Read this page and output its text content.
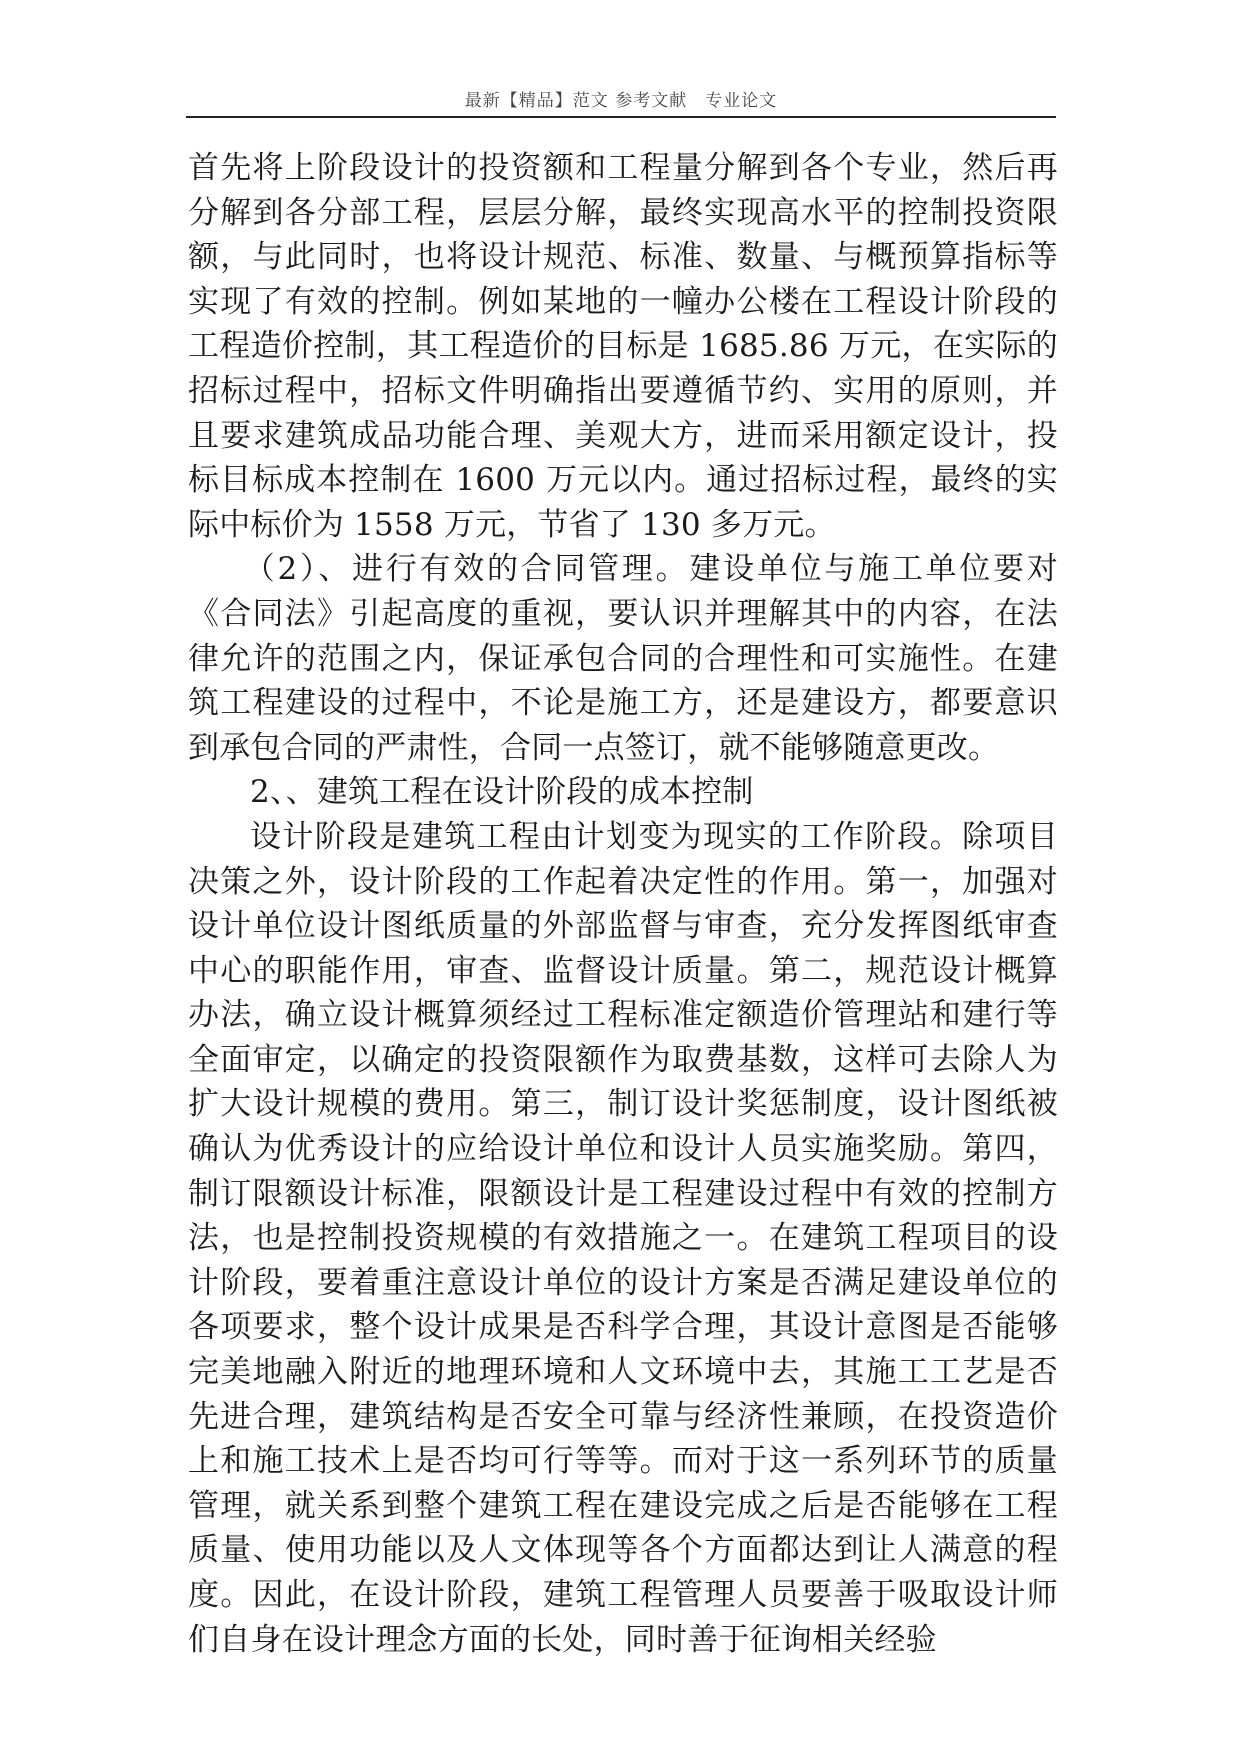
最新【精品】范文 参考文献　专业论文

首先将上阶段设计的投资额和工程量分解到各个专业，然后再分解到各分部工程，层层分解，最终实现高水平的控制投资限额，与此同时，也将设计规范、标准、数量、与概预算指标等实现了有效的控制。例如某地的一幢办公楼在工程设计阶段的工程造价控制，其工程造价的目标是 1685.86 万元，在实际的招标过程中，招标文件明确指出要遵循节约、实用的原则，并且要求建筑成品功能合理、美观大方，进而采用额定设计，投标目标成本控制在 1600 万元以内。通过招标过程，最终的实际中标价为 1558 万元，节省了 130 多万元。

（2）、进行有效的合同管理。建设单位与施工单位要对《合同法》引起高度的重视，要认识并理解其中的内容，在法律允许的范围之内，保证承包合同的合理性和可实施性。在建筑工程建设的过程中，不论是施工方，还是建设方，都要意识到承包合同的严肃性，合同一点签订，就不能够随意更改。

2、、建筑工程在设计阶段的成本控制

设计阶段是建筑工程由计划变为现实的工作阶段。除项目决策之外，设计阶段的工作起着决定性的作用。第一，加强对设计单位设计图纸质量的外部监督与审查，充分发挥图纸审查中心的职能作用，审查、监督设计质量。第二，规范设计概算办法，确立设计概算须经过工程标准定额造价管理站和建行等全面审定，以确定的投资限额作为取费基数，这样可去除人为扩大设计规模的费用。第三，制订设计奖惩制度，设计图纸被确认为优秀设计的应给设计单位和设计人员实施奖励。第四，制订限额设计标准，限额设计是工程建设过程中有效的控制方法，也是控制投资规模的有效措施之一。在建筑工程项目的设计阶段，要着重注意设计单位的设计方案是否满足建设单位的各项要求，整个设计成果是否科学合理，其设计意图是否能够完美地融入附近的地理环境和人文环境中去，其施工工艺是否先进合理，建筑结构是否安全可靠与经济性兼顾，在投资造价上和施工技术上是否均可行等等。而对于这一系列环节的质量管理，就关系到整个建筑工程在建设完成之后是否能够在工程质量、使用功能以及人文体现等各个方面都达到让人满意的程度。因此，在设计阶段，建筑工程管理人员要善于吸取设计师们自身在设计理念方面的长处，同时善于征询相关经验
